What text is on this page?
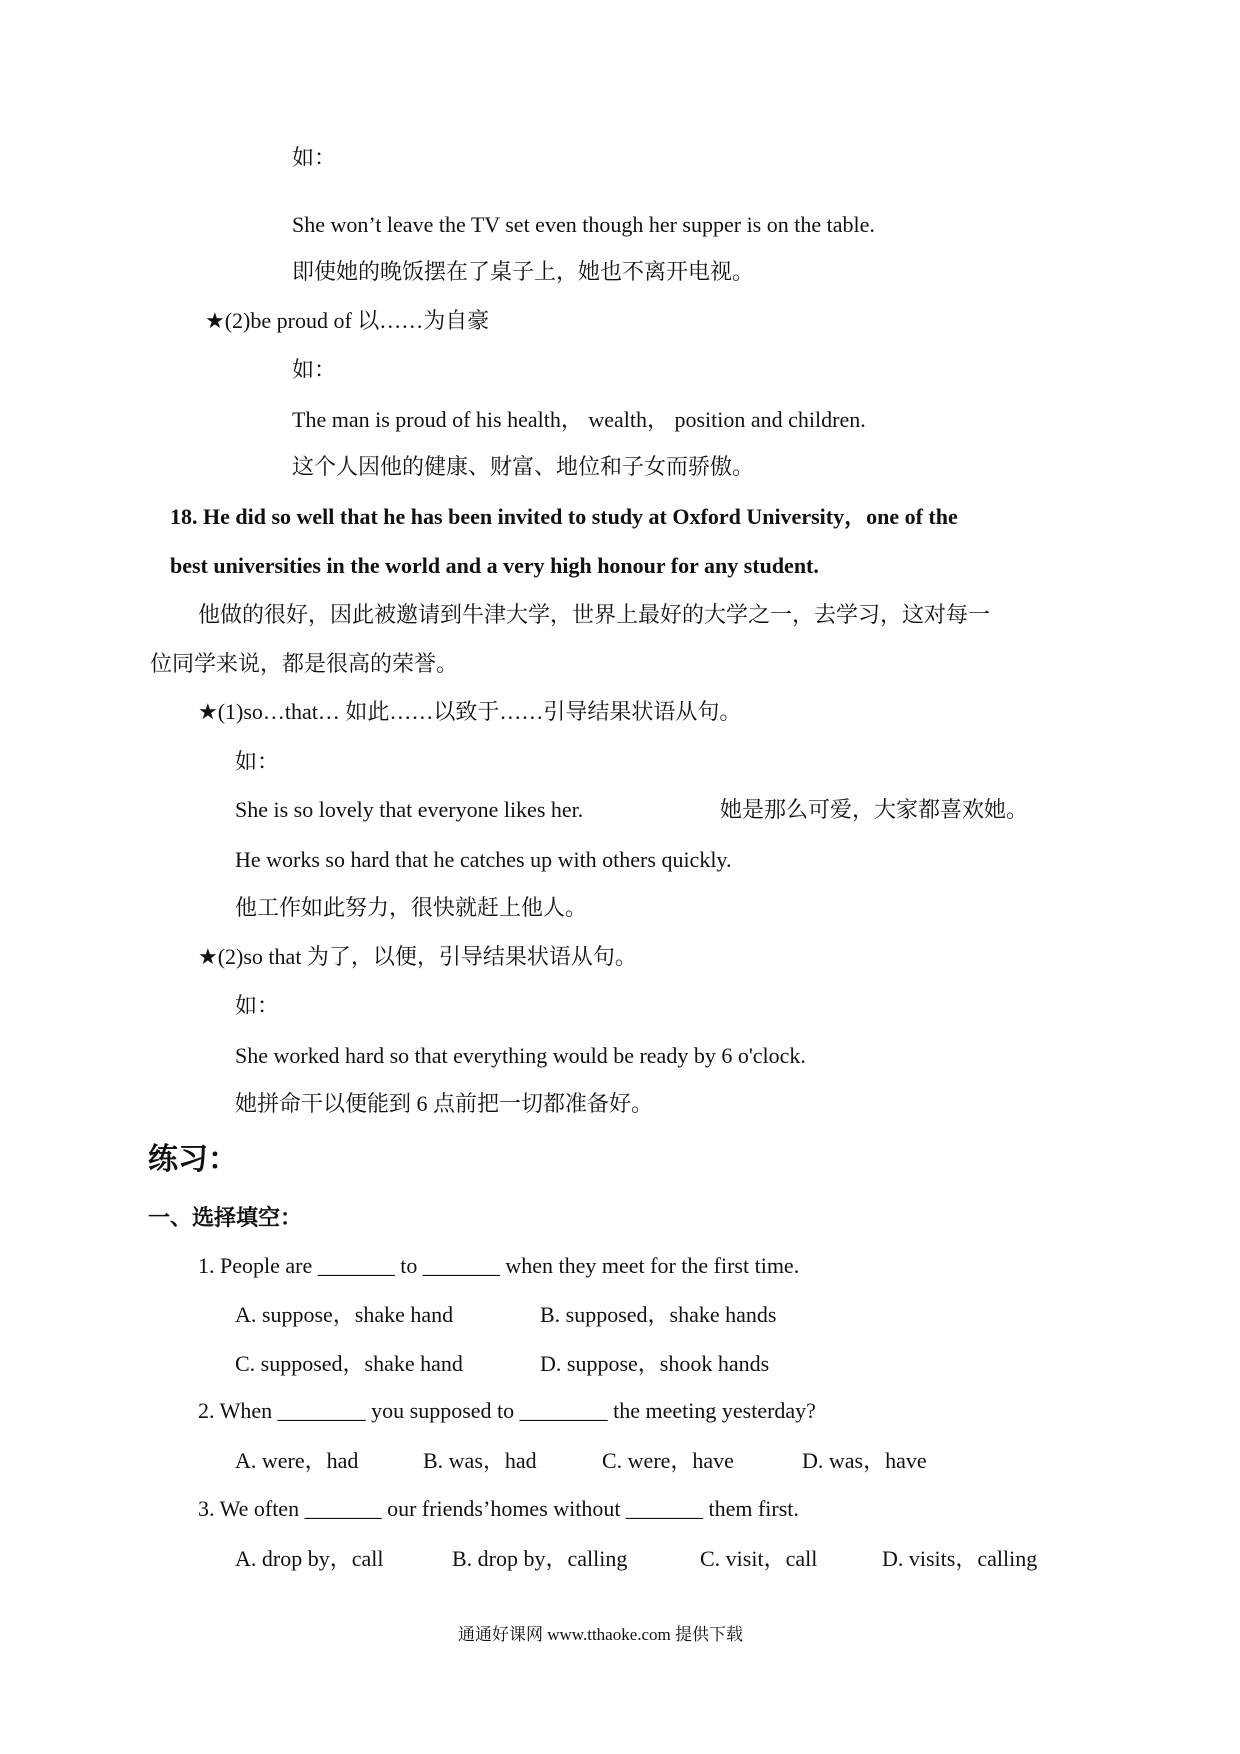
如：
She won’t leave the TV set even though her supper is on the table.
即使她的晚饭摆在了桌子上，她也不离开电视。
★(2)be proud of 以……为自豪
如：
The man is proud of his health， wealth， position and children.
这个人因他的健康、财富、地位和子女而骄傲。
18. He did so well that he has been invited to study at Oxford University，one of the
best universities in the world and a very high honour for any student.
他做的很好，因此被邀请到牛津大学，世界上最好的大学之一，去学习，这对每一
位同学来说，都是很高的荣誉。
★(1)so…that… 如此……以致于……引导结果状语从句。
如：
She is so lovely that everyone likes her.	她是那么可爱，大家都喜欢她。
He works so hard that he catches up with others quickly.
他工作如此努力，很快就赶上他人。
★(2)so that 为了，以便，引导结果状语从句。
如：
She worked hard so that everything would be ready by 6 o'clock.
她拼命干以便能到 6 点前把一切都准备好。
练习：
一、选择填空：
1. People are _______ to _______ when they meet for the first time.
A. suppose，shake hand	B. supposed，shake hands
C. supposed，shake hand	D. suppose，shook hands
2. When ________ you supposed to ________ the meeting yesterday?
A. were，had	B. was，had	C. were，have	D. was，have
3. We often _______ our friends’homes without _______ them first.
A. drop by，call	B. drop by，calling	C. visit，call	D. visits，calling
通通好课网 www.tthaoke.com 提供下载
